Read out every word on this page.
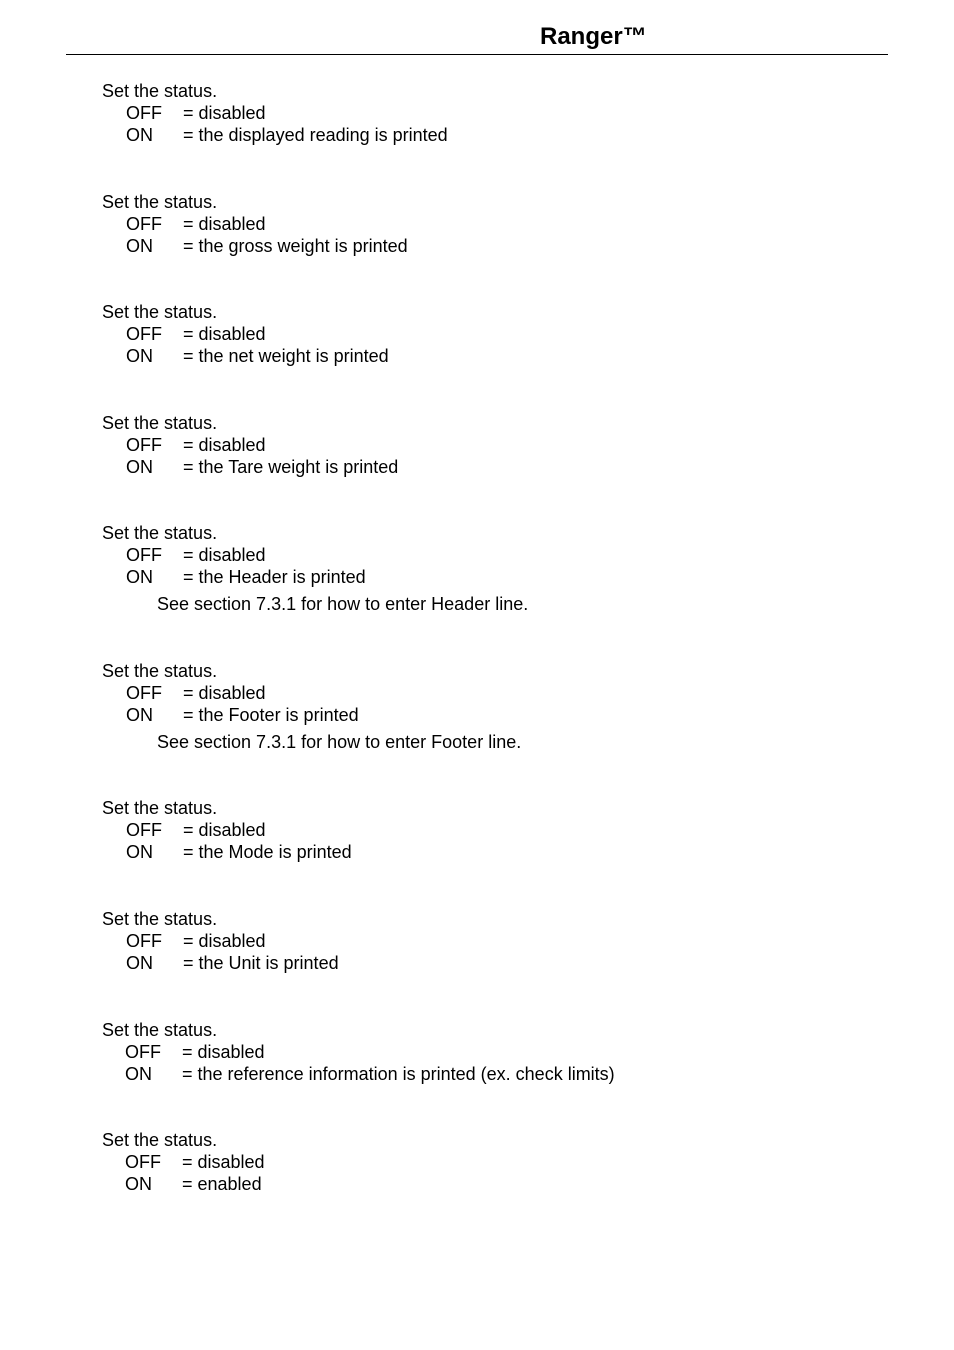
Ranger™
Set the status.
OFF = disabled
ON = the displayed reading is printed
Set the status.
OFF = disabled
ON = the gross weight is printed
Set the status.
OFF = disabled
ON = the net weight is printed
Set the status.
OFF = disabled
ON = the Tare weight is printed
Set the status.
OFF = disabled
ON = the Header is printed
See section 7.3.1 for how to enter Header line.
Set the status.
OFF = disabled
ON = the Footer is printed
See section 7.3.1 for how to enter Footer line.
Set the status.
OFF = disabled
ON = the Mode is printed
Set the status.
OFF = disabled
ON = the Unit is printed
Set the status.
OFF = disabled
ON = the reference information is printed (ex. check limits)
Set the status.
OFF = disabled
ON = enabled
